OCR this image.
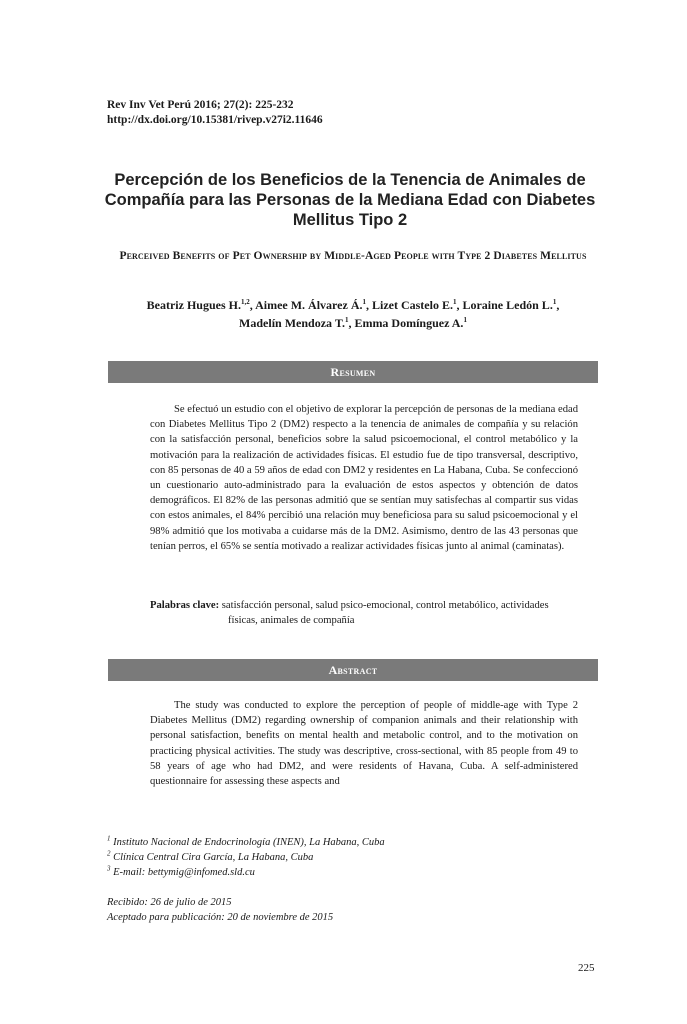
Rev Inv Vet Perú 2016; 27(2): 225-232
http://dx.doi.org/10.15381/rivep.v27i2.11646
Percepción de los Beneficios de la Tenencia de Animales de Compañía para las Personas de la Mediana Edad con Diabetes Mellitus Tipo 2
Perceived Benefits of Pet Ownership by Middle-Aged People with Type 2 Diabetes Mellitus
Beatriz Hugues H.$^{1,2}$, Aimee M. Álvarez Á.$^1$, Lizet Castelo E.$^1$, Loraine Ledón L.$^1$,
Madelín Mendoza T.$^1$, Emma Domínguez A.$^1$
Resumen
Se efectuó un estudio con el objetivo de explorar la percepción de personas de la mediana edad con Diabetes Mellitus Tipo 2 (DM2) respecto a la tenencia de animales de compañía y su relación con la satisfacción personal, beneficios sobre la salud psicoemocional, el control metabólico y la motivación para la realización de actividades físicas. El estudio fue de tipo transversal, descriptivo, con 85 personas de 40 a 59 años de edad con DM2 y residentes en La Habana, Cuba. Se confeccionó un cuestionario auto-administrado para la evaluación de estos aspectos y obtención de datos demográficos. El 82% de las personas admitió que se sentían muy satisfechas al compartir sus vidas con estos animales, el 84% percibió una relación muy beneficiosa para su salud psicoemocional y el 98% admitió que los motivaba a cuidarse más de la DM2. Asimismo, dentro de las 43 personas que tenían perros, el 65% se sentía motivado a realizar actividades físicas junto al animal (caminatas).
Palabras clave: satisfacción personal, salud psico-emocional, control metabólico, actividades físicas, animales de compañía
Abstract
The study was conducted to explore the perception of people of middle-age with Type 2 Diabetes Mellitus (DM2) regarding ownership of companion animals and their relationship with personal satisfaction, benefits on mental health and metabolic control, and to the motivation on practicing physical activities. The study was descriptive, cross-sectional, with 85 people from 49 to 58 years of age who had DM2, and were residents of Havana, Cuba. A self-administered questionnaire for assessing these aspects and
$^1$ Instituto Nacional de Endocrinología (INEN), La Habana, Cuba
$^2$ Clínica Central Cira García, La Habana, Cuba
$^3$ E-mail: bettymig@infomed.sld.cu
Recibido: 26 de julio de 2015
Aceptado para publicación: 20 de noviembre de 2015
225
